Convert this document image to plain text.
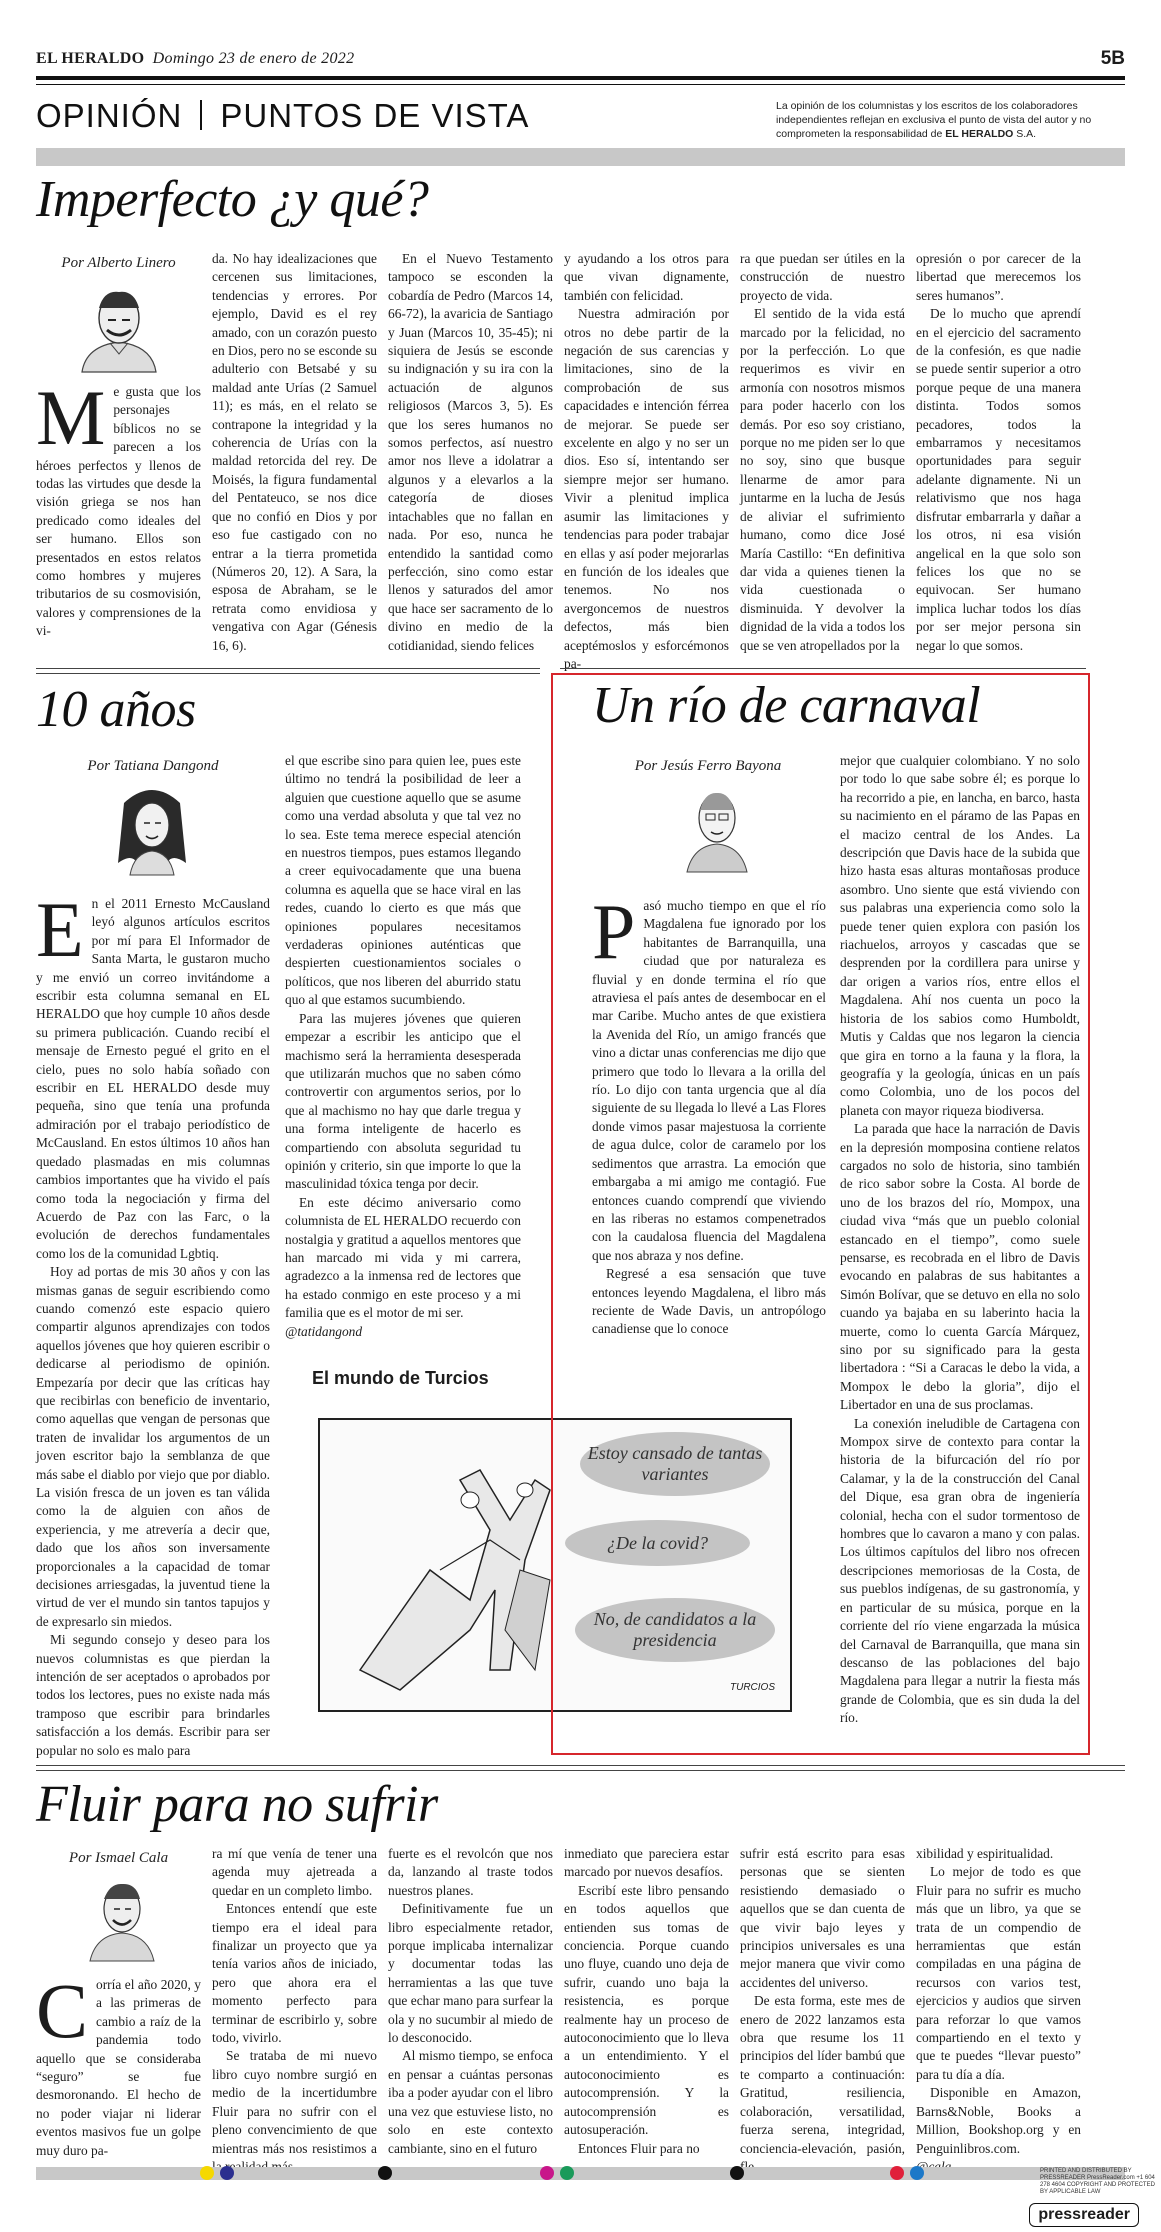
EL HERALDO Domingo 23 de enero de 2022	5B
OPINIÓN PUNTOS DE VISTA	La opinión de los columnistas y los escritos de los colaboradores independientes reflejan en exclusiva el punto de vista del autor y no comprometen la responsabilidad de EL HERALDO S.A.
Imperfecto ¿y qué?
Por Alberto Linero
M e gusta que los personajes bíblicos no se parecen a los héroes perfectos y llenos de todas las virtudes que desde la visión griega se nos han predicado como ideales del ser humano. Ellos son presentados en estos relatos como hombres y mujeres tributarios de su cosmovisión, valores y comprensiones de la vi-

da. No hay idealizaciones que cercenen sus limitaciones, tendencias y errores. Por ejemplo, David es el rey amado, con un corazón puesto en Dios, pero no se esconde su adulterio con Betsabé y su maldad ante Urías (2 Samuel 11); es más, en el relato se contrapone la integridad y la coherencia de Urías con la maldad retorcida del rey. De Moisés, la figura fundamental del Pentateuco, se nos dice que no confió en Dios y por eso fue castigado con no entrar a la tierra prometida (Números 20, 12). A Sara, la esposa de Abraham, se le retrata como envidiosa y vengativa con Agar (Génesis 16, 6).

En el Nuevo Testamento tampoco se esconden la cobardía de Pedro (Marcos 14, 66-72), la avaricia de Santiago y Juan (Marcos 10, 35-45); ni siquiera de Jesús se esconde su indignación y su ira con la actuación de algunos religiosos (Marcos 3, 5). Es que los seres humanos no somos perfectos, así nuestro amor nos lleve a idolatrar a algunos y a elevarlos a la categoría de dioses intachables que no fallan en nada. Por eso, nunca he entendido la santidad como perfección, sino como estar llenos y saturados del amor que hace ser sacramento de lo divino en medio de la cotidianidad, siendo felices

y ayudando a los otros para que vivan dignamente, también con felicidad.

Nuestra admiración por otros no debe partir de la negación de sus carencias y limitaciones, sino de la comprobación de sus capacidades e intención férrea de mejorar. Se puede ser excelente en algo y no ser un dios. Eso sí, intentando ser siempre mejor ser humano. Vivir a plenitud implica asumir las limitaciones y tendencias para poder trabajar en ellas y así poder mejorarlas en función de los ideales que tenemos. No nos avergoncemos de nuestros defectos, más bien aceptémoslos y esforcémonos pa-

ra que puedan ser útiles en la construcción de nuestro proyecto de vida.

El sentido de la vida está marcado por la felicidad, no por la perfección. Lo que requerimos es vivir en armonía con nosotros mismos para poder hacerlo con los demás. Por eso soy cristiano, porque no me piden ser lo que no soy, sino que busque llenarme de amor para juntarme en la lucha de Jesús de aliviar el sufrimiento humano, como dice José María Castillo: “En definitiva dar vida a quienes tienen la vida cuestionada o disminuida. Y devolver la dignidad de la vida a todos los que se ven atropellados por la

opresión o por carecer de la libertad que merecemos los seres humanos”.

De lo mucho que aprendí en el ejercicio del sacramento de la confesión, es que nadie se puede sentir superior a otro porque peque de una manera distinta. Todos somos pecadores, todos la embarramos y necesitamos oportunidades para seguir adelante dignamente. Ni un relativismo que nos haga disfrutar embarrarla y dañar a los otros, ni esa visión angelical en la que solo son felices los que no se equivocan. Ser humano implica luchar todos los días por ser mejor persona sin negar lo que somos.

10 años
Por Tatiana Dangond
E n el 2011 Ernesto McCausland leyó algunos artículos escritos por mí para El Informador de Santa Marta, le gustaron mucho y me envió un correo invitándome a escribir esta columna semanal en EL HERALDO que hoy cumple 10 años desde su primera publicación. Cuando recibí el mensaje de Ernesto pegué el grito en el cielo, pues no solo había soñado con escribir en EL HERALDO desde muy pequeña, sino que tenía una profunda admiración por el trabajo periodístico de McCausland. En estos últimos 10 años han quedado plasmadas en mis columnas cambios importantes que ha vivido el país como toda la negociación y firma del Acuerdo de Paz con las Farc, o la evolución de derechos fundamentales como los de la comunidad Lgbtiq.

Hoy ad portas de mis 30 años y con las mismas ganas de seguir escribiendo como cuando comenzó este espacio quiero compartir algunos aprendizajes con todos aquellos jóvenes que hoy quieren escribir o dedicarse al periodismo de opinión. Empezaría por decir que las críticas hay que recibirlas con beneficio de inventario, como aquellas que vengan de personas que traten de invalidar los argumentos de un joven escritor bajo la semblanza de que más sabe el diablo por viejo que por diablo. La visión fresca de un joven es tan válida como la de alguien con años de experiencia, y me atrevería a decir que, dado que los años son inversamente proporcionales a la capacidad de tomar decisiones arriesgadas, la juventud tiene la virtud de ver el mundo sin tantos tapujos y de expresarlo sin miedos.

Mi segundo consejo y deseo para los nuevos columnistas es que pierdan la intención de ser aceptados o aprobados por todos los lectores, pues no existe nada más tramposo que escribir para brindarles satisfacción a los demás. Escribir para ser popular no solo es malo para

el que escribe sino para quien lee, pues este último no tendrá la posibilidad de leer a alguien que cuestione aquello que se asume como una verdad absoluta y que tal vez no lo sea. Este tema merece especial atención en nuestros tiempos, pues estamos llegando a creer equivocadamente que una buena columna es aquella que se hace viral en las redes, cuando lo cierto es que más que opiniones populares necesitamos verdaderas opiniones auténticas que despierten cuestionamientos sociales o políticos, que nos liberen del aburrido statu quo al que estamos sucumbiendo.

Para las mujeres jóvenes que quieren empezar a escribir les anticipo que el machismo será la herramienta desesperada que utilizarán muchos que no saben cómo controvertir con argumentos serios, por lo que al machismo no hay que darle tregua y una forma inteligente de hacerlo es compartiendo con absoluta seguridad tu opinión y criterio, sin que importe lo que la masculinidad tóxica tenga por decir.

En este décimo aniversario como columnista de EL HERALDO recuerdo con nostalgia y gratitud a aquellos mentores que han marcado mi vida y mi carrera, agradezco a la inmensa red de lectores que ha estado conmigo en este proceso y a mi familia que es el motor de mi ser.

@tatidangond

El mundo de Turcios
Estoy cansado de tantas variantes
¿De la covid?
No, de candidatos a la presidencia
TURCIOS
Un río de carnaval
Por Jesús Ferro Bayona
P asó mucho tiempo en que el río Magdalena fue ignorado por los habitantes de Barranquilla, una ciudad que por naturaleza es fluvial y en donde termina el río que atraviesa el país antes de desembocar en el mar Caribe. Mucho antes de que existiera la Avenida del Río, un amigo francés que vino a dictar unas conferencias me dijo que primero que todo lo llevara a la orilla del río. Lo dijo con tanta urgencia que al día siguiente de su llegada lo llevé a Las Flores donde vimos pasar majestuosa la corriente de agua dulce, color de caramelo por los sedimentos que arrastra. La emoción que embargaba a mi amigo me contagió. Fue entonces cuando comprendí que viviendo en las riberas no estamos compenetrados con la caudalosa fluencia del Magdalena que nos abraza y nos define.

Regresé a esa sensación que tuve entonces leyendo Magdalena, el libro más reciente de Wade Davis, un antropólogo canadiense que lo conoce

mejor que cualquier colombiano. Y no solo por todo lo que sabe sobre él; es porque lo ha recorrido a pie, en lancha, en barco, hasta su nacimiento en el páramo de las Papas en el macizo central de los Andes. La descripción que Davis hace de la subida que hizo hasta esas alturas montañosas produce asombro. Uno siente que está viviendo con sus palabras una experiencia como solo la puede tener quien explora con pasión los riachuelos, arroyos y cascadas que se desprenden por la cordillera para unirse y dar origen a varios ríos, entre ellos el Magdalena. Ahí nos cuenta un poco la historia de los sabios como Humboldt, Mutis y Caldas que nos legaron la ciencia que gira en torno a la fauna y la flora, la geografía y la geología, únicas en un país como Colombia, uno de los pocos del planeta con mayor riqueza biodiversa.

La parada que hace la narración de Davis en la depresión momposina contiene relatos cargados no solo de historia, sino también de rico sabor sobre la Costa. Al borde de uno de los brazos del río, Mompox, una ciudad viva “más que un pueblo colonial estancado en el tiempo”, como suele pensarse, es recobrada en el libro de Davis evocando en palabras de sus habitantes a Simón Bolívar, que se detuvo en ella no solo cuando ya bajaba en su laberinto hacia la muerte, como lo cuenta García Márquez, sino por su significado para la gesta libertadora : “Si a Caracas le debo la vida, a Mompox le debo la gloria”, dijo el Libertador en una de sus proclamas.

La conexión ineludible de Cartagena con Mompox sirve de contexto para contar la historia de la bifurcación del río por Calamar, y la de la construcción del Canal del Dique, esa gran obra de ingeniería colonial, hecha con el sudor tormentoso de hombres que lo cavaron a mano y con palas. Los últimos capítulos del libro nos ofrecen descripciones memoriosas de la Costa, de sus pueblos indígenas, de su gastronomía, y en particular de su música, porque en la corriente del río viene engarzada la música del Carnaval de Barranquilla, que mana sin descanso de las poblaciones del bajo Magdalena para llegar a nutrir la fiesta más grande de Colombia, que es sin duda la del río.

Fluir para no sufrir
Por Ismael Cala
C orría el año 2020, y a las primeras de cambio a raíz de la pandemia todo aquello que se consideraba “seguro” se fue desmoronando. El hecho de no poder viajar ni liderar eventos masivos fue un golpe muy duro pa-

ra mí que venía de tener una agenda muy ajetreada a quedar en un completo limbo.

Entonces entendí que este tiempo era el ideal para finalizar un proyecto que ya tenía varios años de iniciado, pero que ahora era el momento perfecto para terminar de escribirlo y, sobre todo, vivirlo.

Se trataba de mi nuevo libro cuyo nombre surgió en medio de la incertidumbre Fluir para no sufrir con el pleno convencimiento de que mientras más nos resistimos a

fuerte es el revolcón que nos da, lanzando al traste todos nuestros planes.

Definitivamente fue un libro especialmente retador, porque implicaba internalizar y documentar todas las herramientas a las que tuve que echar mano para surfear la ola y no sucumbir al miedo de lo desconocido.

Al mismo tiempo, se enfoca en pensar a cuántas personas iba a poder ayudar con el libro una vez que estuviese listo, no solo en este contexto cambiante, sino en el futuro

inmediato que pareciera estar marcado por nuevos desafíos.

Escribí este libro pensando en todos aquellos que entienden sus tomas de conciencia. Porque cuando uno fluye, cuando uno deja de sufrir, cuando uno baja la resistencia, es porque realmente hay un proceso de autoconocimiento que lo lleva a un entendimiento. Y el autoconocimiento es autocomprensión. Y la autocomprensión es autosuperación.

Entonces Fluir para no

sufrir está escrito para esas personas que se sienten resistiendo demasiado o aquellos que se dan cuenta de que vivir bajo leyes y principios universales es una mejor manera que vivir como accidentes del universo.

De esta forma, este mes de enero de 2022 lanzamos esta obra que resume los 11 principios del líder bambú que te comparto a continuación: Gratitud, resiliencia, colaboración, versatilidad, fuerza serena, integridad, conciencia-elevación, pasión,

xibilidad y espiritualidad.

Lo mejor de todo es que Fluir para no sufrir es mucho más que un libro, ya que se trata de un compendio de herramientas que están compiladas en una página de recursos con varios test, ejercicios y audios que sirven para reforzar lo que vamos compartiendo en el texto y que te puedes “llevar puesto” para tu día a día.

Disponible en Amazon, Barns&Noble, Books a Million, Bookshop.org y en Penguinlibros.com.

PRINTED AND DISTRIBUTED BY PRESSREADER PressReader.com +1 604 278 4604 COPYRIGHT AND PROTECTED BY APPLICABLE LAW
pressreader
